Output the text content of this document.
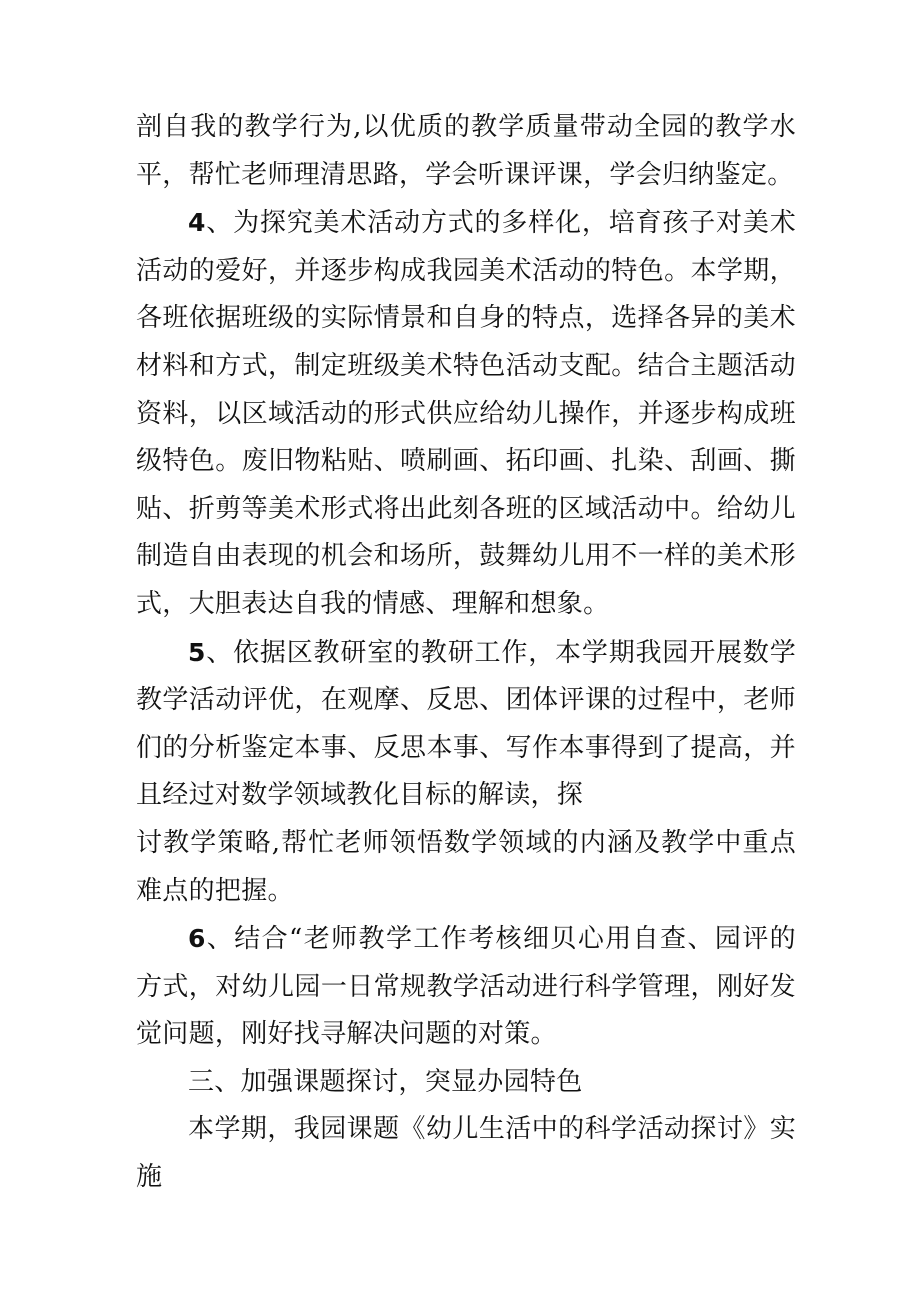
剖自我的教学行为,以优质的教学质量带动全园的教学水平，帮忙老师理清思路，学会听课评课，学会归纳鉴定。

4、为探究美术活动方式的多样化，培育孩子对美术活动的爱好，并逐步构成我园美术活动的特色。本学期，各班依据班级的实际情景和自身的特点，选择各异的美术材料和方式，制定班级美术特色活动支配。结合主题活动资料，以区域活动的形式供应给幼儿操作，并逐步构成班级特色。废旧物粘贴、喷刷画、拓印画、扎染、刮画、撕贴、折剪等美术形式将出此刻各班的区域活动中。给幼儿制造自由表现的机会和场所，鼓舞幼儿用不一样的美术形式，大胆表达自我的情感、理解和想象。

5、依据区教研室的教研工作，本学期我园开展数学教学活动评优，在观摩、反思、团体评课的过程中，老师们的分析鉴定本事、反思本事、写作本事得到了提高，并且经过对数学领域教化目标的解读，探
讨教学策略,帮忙老师领悟数学领域的内涵及教学中重点难点的把握。

6、结合“老师教学工作考核细贝心用自查、园评的方式，对幼儿园一日常规教学活动进行科学管理，刚好发觉问题，刚好找寻解决问题的对策。

三、加强课题探讨，突显办园特色

本学期，我园课题《幼儿生活中的科学活动探讨》实施
